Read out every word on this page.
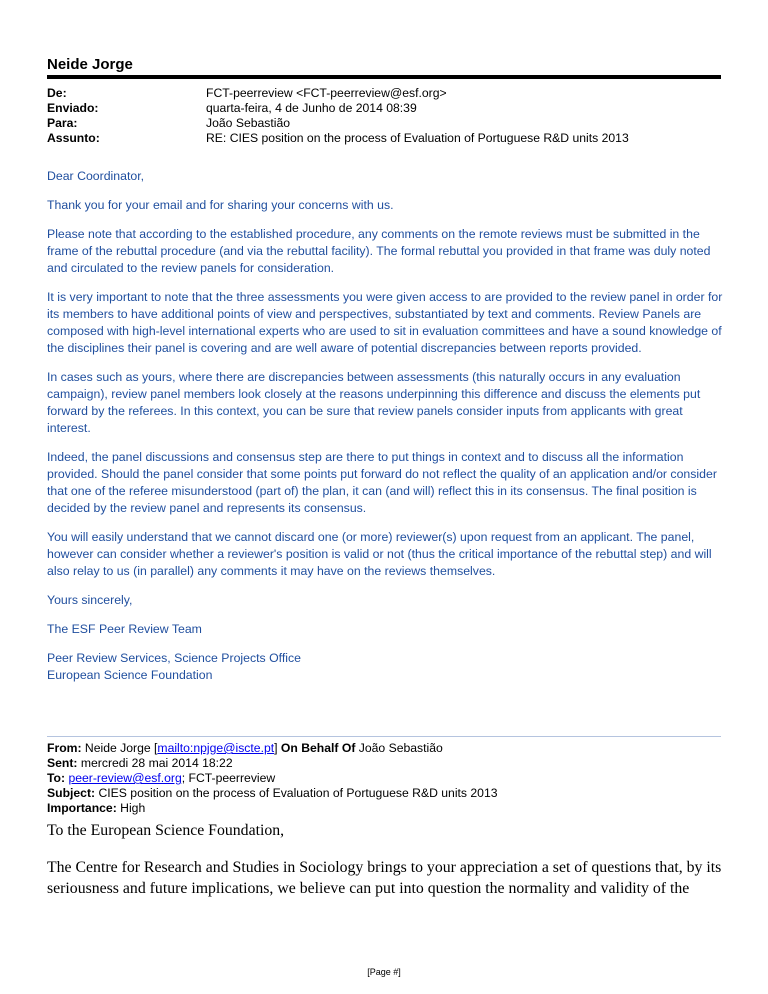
Neide Jorge
De:	FCT-peerreview <FCT-peerreview@esf.org>
Enviado:	quarta-feira, 4 de Junho de 2014 08:39
Para:	João Sebastião
Assunto:	RE: CIES position on the process of Evaluation of Portuguese R&D units 2013

Dear Coordinator,

Thank you for your email and for sharing your concerns with us.

Please note that according to the established procedure, any comments on the remote reviews must be submitted in the frame of the rebuttal procedure (and via the rebuttal facility). The formal rebuttal you provided in that frame was duly noted and circulated to the review panels for consideration.

It is very important to note that the three assessments you were given access to are provided to the review panel in order for its members to have additional points of view and perspectives, substantiated by text and comments. Review Panels are composed with high-level international experts who are used to sit in evaluation committees and have a sound knowledge of the disciplines their panel is covering and are well aware of potential discrepancies between reports provided.

In cases such as yours, where there are discrepancies between assessments (this naturally occurs in any evaluation campaign), review panel members look closely at the reasons underpinning this difference and discuss the elements put forward by the referees. In this context, you can be sure that review panels consider inputs from applicants with great interest.

Indeed, the panel discussions and consensus step are there to put things in context and to discuss all the information provided. Should the panel consider that some points put forward do not reflect the quality of an application and/or consider that one of the referee misunderstood (part of) the plan, it can (and will) reflect this in its consensus. The final position is decided by the review panel and represents its consensus.

You will easily understand that we cannot discard one (or more) reviewer(s) upon request from an applicant. The panel, however can consider whether a reviewer's position is valid or not (thus the critical importance of the rebuttal step) and will also relay to us (in parallel) any comments it may have on the reviews themselves.

Yours sincerely,

The ESF Peer Review Team

Peer Review Services, Science Projects Office

European Science Foundation

From: Neide Jorge [mailto:npjge@iscte.pt] On Behalf Of João Sebastião
Sent: mercredi 28 mai 2014 18:22
To: peer-review@esf.org; FCT-peerreview
Subject: CIES position on the process of Evaluation of Portuguese R&D units 2013
Importance: High

To the European Science Foundation,

The Centre for Research and Studies in Sociology brings to your appreciation a set of questions that, by its seriousness and future implications, we believe can put into question the normality and validity of the

[Page #]
